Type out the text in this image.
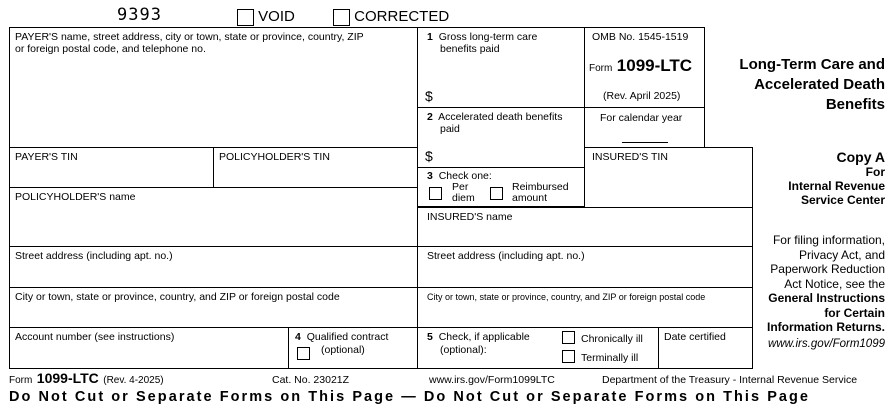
9393	VOID	CORRECTED
PAYER'S name, street address, city or town, state or province, country, ZIP
or foreign postal code, and telephone no.
PAYER'S TIN	POLICYHOLDER'S TIN
POLICYHOLDER'S name
Street address (including apt. no.)
City or town, state or province, country, and ZIP or foreign postal code
Account number (see instructions)	4 Qualified contract
(optional)
1 Gross long-term care
benefits paid
$
2 Accelerated death benefits
paid
$
3 Check one:
Per
diem
Reimbursed
amount
OMB No. 1545-1519
Form 1099-LTC
(Rev. April 2025)
For calendar year
Long-Term Care and
Accelerated Death
Benefits
INSURED'S TIN
INSURED'S name
Street address (including apt. no.)
City or town, state or province, country, and ZIP or foreign postal code
5 Check, if applicable
(optional):
Chronically ill
Terminally ill
Date certified
Copy A
For
Internal Revenue
Service Center
For filing information,
Privacy Act, and
Paperwork Reduction
Act Notice, see the
General Instructions
for Certain
Information Returns.
www.irs.gov/Form1099
Form 1099-LTC (Rev. 4-2025)	Cat. No. 23021Z	www.irs.gov/Form1099LTC	Department of the Treasury - Internal Revenue Service
Do Not Cut or Separate Forms on This Page — Do Not Cut or Separate Forms on This Page
